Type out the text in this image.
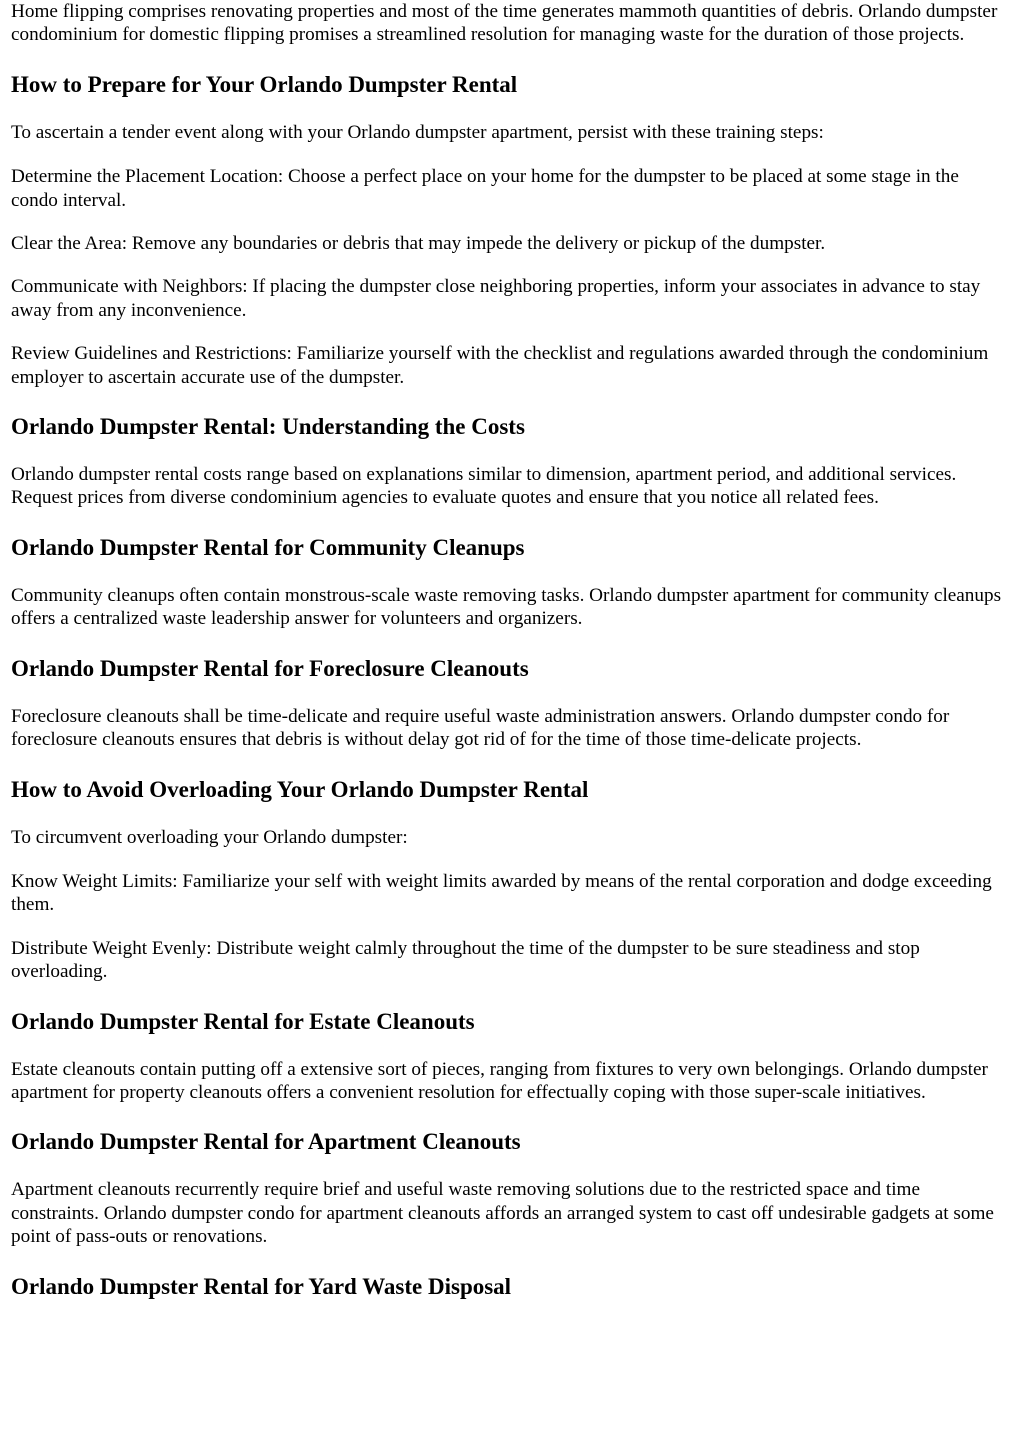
Home flipping comprises renovating properties and most of the time generates mammoth quantities of debris. Orlando dumpster condominium for domestic flipping promises a streamlined resolution for managing waste for the duration of those projects.

How to Prepare for Your Orlando Dumpster Rental

To ascertain a tender event along with your Orlando dumpster apartment, persist with these training steps:

Determine the Placement Location: Choose a perfect place on your home for the dumpster to be placed at some stage in the condo interval.

Clear the Area: Remove any boundaries or debris that may impede the delivery or pickup of the dumpster.

Communicate with Neighbors: If placing the dumpster close neighboring properties, inform your associates in advance to stay away from any inconvenience.

Review Guidelines and Restrictions: Familiarize yourself with the checklist and regulations awarded through the condominium employer to ascertain accurate use of the dumpster.

Orlando Dumpster Rental: Understanding the Costs

Orlando dumpster rental costs range based on explanations similar to dimension, apartment period, and additional services. Request prices from diverse condominium agencies to evaluate quotes and ensure that you notice all related fees.

Orlando Dumpster Rental for Community Cleanups

Community cleanups often contain monstrous-scale waste removing tasks. Orlando dumpster apartment for community cleanups offers a centralized waste leadership answer for volunteers and organizers.

Orlando Dumpster Rental for Foreclosure Cleanouts

Foreclosure cleanouts shall be time-delicate and require useful waste administration answers. Orlando dumpster condo for foreclosure cleanouts ensures that debris is without delay got rid of for the time of those time-delicate projects.

How to Avoid Overloading Your Orlando Dumpster Rental

To circumvent overloading your Orlando dumpster:

Know Weight Limits: Familiarize your self with weight limits awarded by means of the rental corporation and dodge exceeding them.

Distribute Weight Evenly: Distribute weight calmly throughout the time of the dumpster to be sure steadiness and stop overloading.

Orlando Dumpster Rental for Estate Cleanouts

Estate cleanouts contain putting off a extensive sort of pieces, ranging from fixtures to very own belongings. Orlando dumpster apartment for property cleanouts offers a convenient resolution for effectually coping with those super-scale initiatives.

Orlando Dumpster Rental for Apartment Cleanouts

Apartment cleanouts recurrently require brief and useful waste removing solutions due to the restricted space and time constraints. Orlando dumpster condo for apartment cleanouts affords an arranged system to cast off undesirable gadgets at some point of pass-outs or renovations.

Orlando Dumpster Rental for Yard Waste Disposal
